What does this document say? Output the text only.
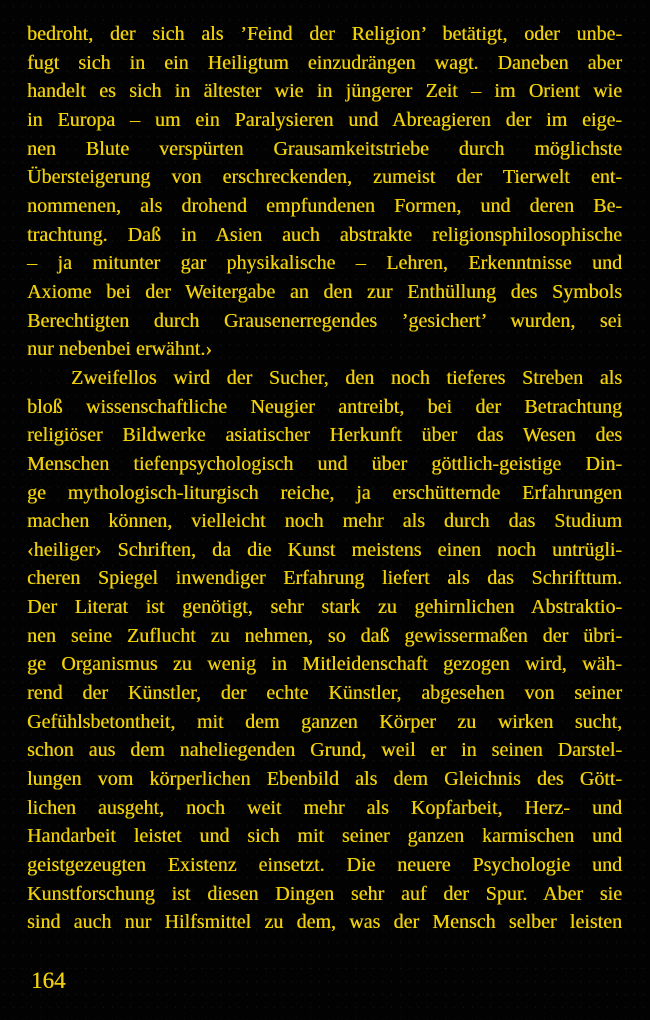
bedroht, der sich als ’Feind der Religion’ betätigt, oder unbe-
fugt sich in ein Heiligtum einzudrängen wagt. Daneben aber
handelt es sich in ältester wie in jüngerer Zeit – im Orient wie
in Europa – um ein Paralysieren und Abreagieren der im eige-
nen Blute verspürten Grausamkeitstriebe durch möglichste
Übersteigerung von erschreckenden, zumeist der Tierwelt ent-
nommenen, als drohend empfundenen Formen, und deren Be-
trachtung. Daß in Asien auch abstrakte religionsphilosophische
– ja mitunter gar physikalische – Lehren, Erkenntnisse und
Axiome bei der Weitergabe an den zur Enthüllung des Symbols
Berechtigten durch Grausenerregendes ’gesichert’ wurden, sei
nur nebenbei erwähnt.›
Zweifellos wird der Sucher, den noch tieferes Streben als
bloß wissenschaftliche Neugier antreibt, bei der Betrachtung
religiöser Bildwerke asiatischer Herkunft über das Wesen des
Menschen tiefenpsychologisch und über göttlich-geistige Din-
ge mythologisch-liturgisch reiche, ja erschütternde Erfahrungen
machen können, vielleicht noch mehr als durch das Studium
‹heiliger› Schriften, da die Kunst meistens einen noch untrügli-
cheren Spiegel inwendiger Erfahrung liefert als das Schrifttum.
Der Literat ist genötigt, sehr stark zu gehirnlichen Abstraktio-
nen seine Zuflucht zu nehmen, so daß gewissermaßen der übri-
ge Organismus zu wenig in Mitleidenschaft gezogen wird, wäh-
rend der Künstler, der echte Künstler, abgesehen von seiner
Gefühlsbetontheit, mit dem ganzen Körper zu wirken sucht,
schon aus dem naheliegenden Grund, weil er in seinen Darstel-
lungen vom körperlichen Ebenbild als dem Gleichnis des Gött-
lichen ausgeht, noch weit mehr als Kopfarbeit, Herz- und
Handarbeit leistet und sich mit seiner ganzen karmischen und
geistgezeugten Existenz einsetzt. Die neuere Psychologie und
Kunstforschung ist diesen Dingen sehr auf der Spur. Aber sie
sind auch nur Hilfsmittel zu dem, was der Mensch selber leisten
164
